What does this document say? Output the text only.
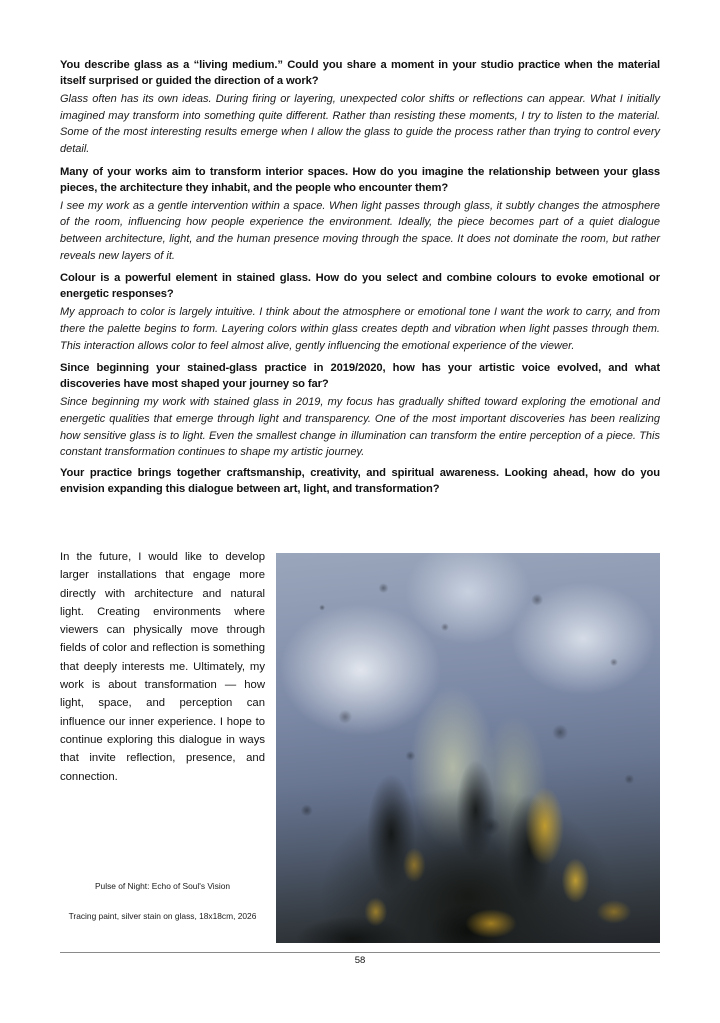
You describe glass as a “living medium.” Could you share a moment in your studio practice when the material itself surprised or guided the direction of a work?

Glass often has its own ideas. During firing or layering, unexpected color shifts or reflections can appear. What I initially imagined may transform into something quite different. Rather than resisting these moments, I try to listen to the material. Some of the most interesting results emerge when I allow the glass to guide the process rather than trying to control every detail.

Many of your works aim to transform interior spaces. How do you imagine the relationship between your glass pieces, the architecture they inhabit, and the people who encounter them?

I see my work as a gentle intervention within a space. When light passes through glass, it subtly changes the atmosphere of the room, influencing how people experience the environment. Ideally, the piece becomes part of a quiet dialogue between architecture, light, and the human presence moving through the space. It does not dominate the room, but rather reveals new layers of it.

Colour is a powerful element in stained glass. How do you select and combine colours to evoke emotional or energetic responses?

My approach to color is largely intuitive. I think about the atmosphere or emotional tone I want the work to carry, and from there the palette begins to form. Layering colors within glass creates depth and vibration when light passes through them. This interaction allows color to feel almost alive, gently influencing the emotional experience of the viewer.

Since beginning your stained-glass practice in 2019/2020, how has your artistic voice evolved, and what discoveries have most shaped your journey so far?

Since beginning my work with stained glass in 2019, my focus has gradually shifted toward exploring the emotional and energetic qualities that emerge through light and transparency. One of the most important discoveries has been realizing how sensitive glass is to light. Even the smallest change in illumination can transform the entire perception of a piece. This constant transformation continues to shape my artistic journey.

Your practice brings together craftsmanship, creativity, and spiritual awareness. Looking ahead, how do you envision expanding this dialogue between art, light, and transformation?

In the future, I would like to develop larger installations that engage more directly with architecture and natural light. Creating environments where viewers can physically move through fields of color and reflection is something that deeply interests me. Ultimately, my work is about transformation — how light, space, and perception can influence our inner experience. I hope to continue exploring this dialogue in ways that invite reflection, presence, and connection.
Pulse of Night: Echo of Soul's Vision
Tracing paint, silver stain on glass, 18x18cm, 2026
58
